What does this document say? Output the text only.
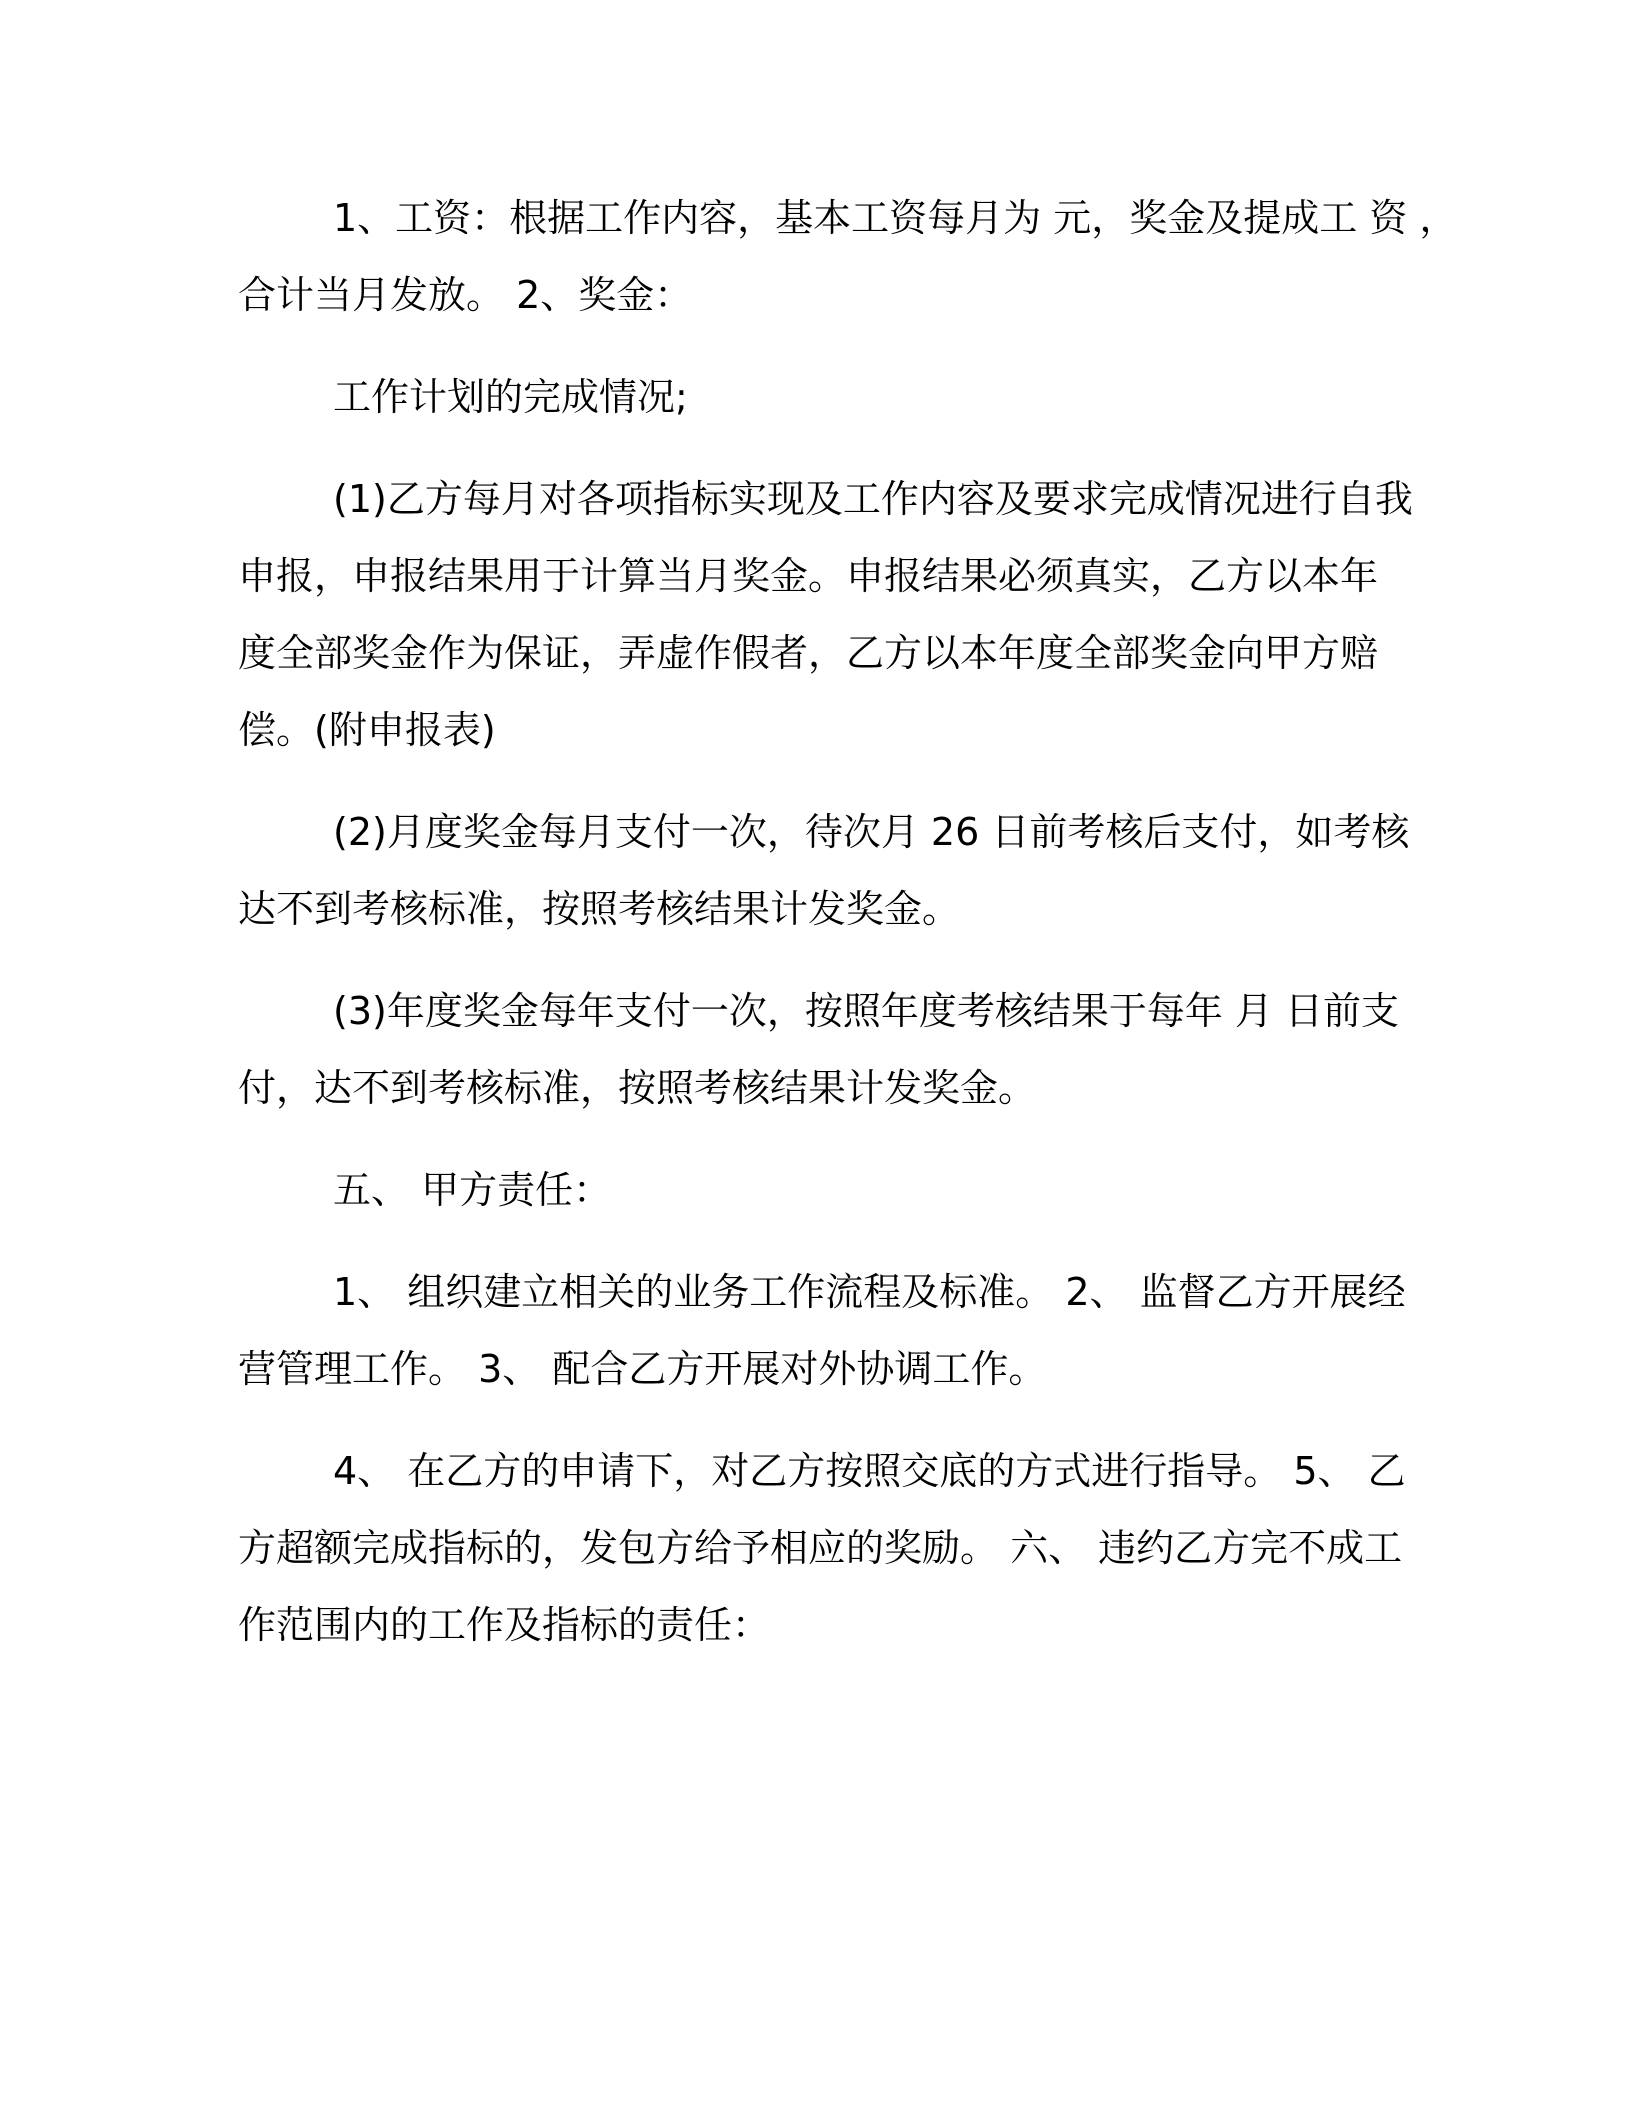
1、工资：根据工作内容，基本工资每月为 元，奖金及提成工 资 ，
合计当月发放。 2、奖金：
工作计划的完成情况;
(1)乙方每月对各项指标实现及工作内容及要求完成情况进行自我
申报，申报结果用于计算当月奖金。申报结果必须真实，乙方以本年
度全部奖金作为保证，弄虚作假者，乙方以本年度全部奖金向甲方赔
偿。(附申报表)
(2)月度奖金每月支付一次，待次月 26 日前考核后支付，如考核
达不到考核标准，按照考核结果计发奖金。
(3)年度奖金每年支付一次，按照年度考核结果于每年 月 日前支
付，达不到考核标准，按照考核结果计发奖金。
五、 甲方责任：
1、 组织建立相关的业务工作流程及标准。 2、 监督乙方开展经
营管理工作。 3、 配合乙方开展对外协调工作。
4、 在乙方的申请下，对乙方按照交底的方式进行指导。 5、 乙
方超额完成指标的，发包方给予相应的奖励。 六、 违约乙方完不成工
作范围内的工作及指标的责任：
